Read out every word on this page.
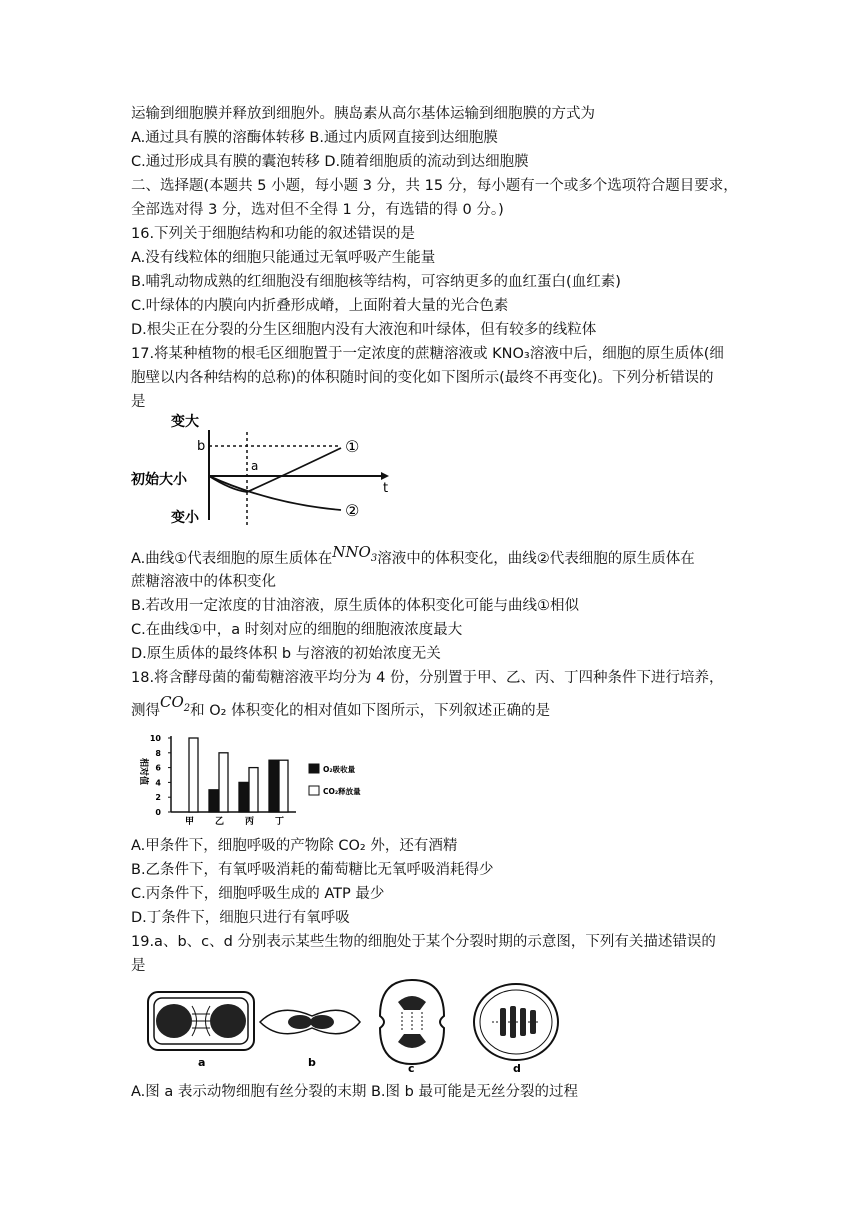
运输到细胞膜并释放到细胞外。胰岛素从高尔基体运输到细胞膜的方式为
A.通过具有膜的溶酶体转移 B.通过内质网直接到达细胞膜
C.通过形成具有膜的囊泡转移 D.随着细胞质的流动到达细胞膜
二、选择题(本题共 5 小题，每小题 3 分，共 15 分，每小题有一个或多个选项符合题目要求，
全部选对得 3 分，选对但不全得 1 分，有选错的得 0 分。)
16.下列关于细胞结构和功能的叙述错误的是
A.没有线粒体的细胞只能通过无氧呼吸产生能量
B.哺乳动物成熟的红细胞没有细胞核等结构，可容纳更多的血红蛋白(血红素)
C.叶绿体的内膜向内折叠形成嵴，上面附着大量的光合色素
D.根尖正在分裂的分生区细胞内没有大液泡和叶绿体，但有较多的线粒体
17.将某种植物的根毛区细胞置于一定浓度的蔗糖溶液或 KNO₃溶液中后，细胞的原生质体(细
胞壁以内各种结构的总称)的体积随时间的变化如下图所示(最终不再变化)。下列分析错误的
是
变大
b
初始大小
变小
t
a
①
②
A.曲线①代表细胞的原生质体在$NNO_3$溶液中的体积变化，曲线②代表细胞的原生质体在
蔗糖溶液中的体积变化
B.若改用一定浓度的甘油溶液，原生质体的体积变化可能与曲线①相似
C.在曲线①中，a 时刻对应的细胞的细胞液浓度最大
D.原生质体的最终体积 b 与溶液的初始浓度无关
18.将含酵母菌的葡萄糖溶液平均分为 4 份，分别置于甲、乙、丙、丁四种条件下进行培养，
测得$CO_2$和 O₂ 体积变化的相对值如下图所示，下列叙述正确的是
相对值
0
2
4
6
8
10
甲 乙 丙 丁
O₂吸收量
CO₂释放量
A.甲条件下，细胞呼吸的产物除 CO₂ 外，还有酒精
B.乙条件下，有氧呼吸消耗的葡萄糖比无氧呼吸消耗得少
C.丙条件下，细胞呼吸生成的 ATP 最少
D.丁条件下，细胞只进行有氧呼吸
19.a、b、c、d 分别表示某些生物的细胞处于某个分裂时期的示意图，下列有关描述错误的
是
a	b	c	d
A.图 a 表示动物细胞有丝分裂的末期 B.图 b 最可能是无丝分裂的过程
